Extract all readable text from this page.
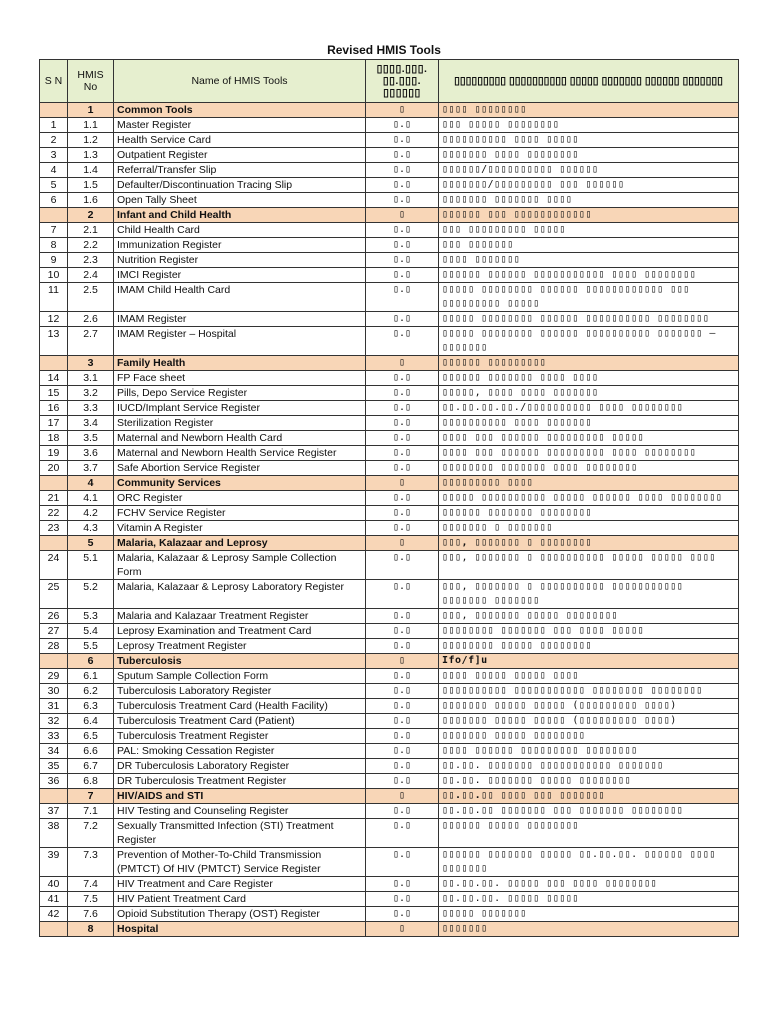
Revised HMIS Tools
S N	HMIS No	Name of HMIS Tools	▯▯▯▯.▯▯▯. ▯▯.▯▯▯. ▯▯▯▯▯▯	▯▯▯▯▯▯▯▯▯ ▯▯▯▯▯▯▯▯▯▯ ▯▯▯▯▯ ▯▯▯▯▯▯▯ ▯▯▯▯▯▯ ▯▯▯▯▯▯▯
	1	Common Tools	▯	▯▯▯▯ ▯▯▯▯▯▯▯▯
1	1.1	Master Register	▯.▯	▯▯▯ ▯▯▯▯▯ ▯▯▯▯▯▯▯▯
2	1.2	Health Service Card	▯.▯	▯▯▯▯▯▯▯▯▯▯ ▯▯▯▯ ▯▯▯▯▯
3	1.3	Outpatient Register	▯.▯	▯▯▯▯▯▯▯ ▯▯▯▯ ▯▯▯▯▯▯▯▯
4	1.4	Referral/Transfer Slip	▯.▯	▯▯▯▯▯▯/▯▯▯▯▯▯▯▯▯▯ ▯▯▯▯▯▯
5	1.5	Defaulter/Discontinuation Tracing Slip	▯.▯	▯▯▯▯▯▯▯/▯▯▯▯▯▯▯▯▯ ▯▯▯ ▯▯▯▯▯▯
6	1.6	Open Tally Sheet	▯.▯	▯▯▯▯▯▯▯ ▯▯▯▯▯▯▯ ▯▯▯▯
	2	Infant and Child Health	▯	▯▯▯▯▯▯ ▯▯▯ ▯▯▯▯▯▯▯▯▯▯▯▯
7	2.1	Child Health Card	▯.▯	▯▯▯ ▯▯▯▯▯▯▯▯▯ ▯▯▯▯▯
8	2.2	Immunization Register	▯.▯	▯▯▯ ▯▯▯▯▯▯▯
9	2.3	Nutrition Register	▯.▯	▯▯▯▯ ▯▯▯▯▯▯▯
10	2.4	IMCI Register	▯.▯	▯▯▯▯▯▯ ▯▯▯▯▯▯ ▯▯▯▯▯▯▯▯▯▯▯ ▯▯▯▯ ▯▯▯▯▯▯▯▯
11	2.5	IMAM Child Health Card	▯.▯	▯▯▯▯▯ ▯▯▯▯▯▯▯▯ ▯▯▯▯▯▯ ▯▯▯▯▯▯▯▯▯▯▯▯ ▯▯▯ ▯▯▯▯▯▯▯▯▯ ▯▯▯▯▯
12	2.6	IMAM Register	▯.▯	▯▯▯▯▯ ▯▯▯▯▯▯▯▯ ▯▯▯▯▯▯ ▯▯▯▯▯▯▯▯▯▯ ▯▯▯▯▯▯▯▯
13	2.7	IMAM Register – Hospital	▯.▯	▯▯▯▯▯ ▯▯▯▯▯▯▯▯ ▯▯▯▯▯▯ ▯▯▯▯▯▯▯▯▯▯ ▯▯▯▯▯▯▯ – ▯▯▯▯▯▯▯
	3	Family Health	▯	▯▯▯▯▯▯ ▯▯▯▯▯▯▯▯▯
14	3.1	FP Face sheet	▯.▯	▯▯▯▯▯▯ ▯▯▯▯▯▯▯ ▯▯▯▯ ▯▯▯▯
15	3.2	Pills, Depo Service Register	▯.▯	▯▯▯▯▯, ▯▯▯▯ ▯▯▯▯ ▯▯▯▯▯▯▯
16	3.3	IUCD/Implant Service Register	▯.▯	▯▯.▯▯.▯▯.▯▯./▯▯▯▯▯▯▯▯▯▯ ▯▯▯▯ ▯▯▯▯▯▯▯▯
17	3.4	Sterilization Register	▯.▯	▯▯▯▯▯▯▯▯▯▯ ▯▯▯▯ ▯▯▯▯▯▯▯
18	3.5	Maternal and Newborn Health Card	▯.▯	▯▯▯▯ ▯▯▯ ▯▯▯▯▯▯ ▯▯▯▯▯▯▯▯▯ ▯▯▯▯▯
19	3.6	Maternal and Newborn Health Service Register	▯.▯	▯▯▯▯ ▯▯▯ ▯▯▯▯▯▯ ▯▯▯▯▯▯▯▯▯ ▯▯▯▯ ▯▯▯▯▯▯▯▯
20	3.7	Safe Abortion Service Register	▯.▯	▯▯▯▯▯▯▯▯ ▯▯▯▯▯▯▯ ▯▯▯▯ ▯▯▯▯▯▯▯▯
	4	Community Services	▯	▯▯▯▯▯▯▯▯▯ ▯▯▯▯
21	4.1	ORC Register	▯.▯	▯▯▯▯▯ ▯▯▯▯▯▯▯▯▯▯ ▯▯▯▯▯ ▯▯▯▯▯▯ ▯▯▯▯ ▯▯▯▯▯▯▯▯
22	4.2	FCHV Service Register	▯.▯	▯▯▯▯▯▯ ▯▯▯▯▯▯▯ ▯▯▯▯▯▯▯▯
23	4.3	Vitamin A Register	▯.▯	▯▯▯▯▯▯▯ ▯ ▯▯▯▯▯▯▯
	5	Malaria, Kalazaar and Leprosy	▯	▯▯▯, ▯▯▯▯▯▯▯ ▯ ▯▯▯▯▯▯▯▯
24	5.1	Malaria, Kalazaar & Leprosy Sample Collection Form	▯.▯	▯▯▯, ▯▯▯▯▯▯▯ ▯ ▯▯▯▯▯▯▯▯▯▯ ▯▯▯▯▯ ▯▯▯▯▯ ▯▯▯▯
25	5.2	Malaria, Kalazaar & Leprosy Laboratory Register	▯.▯	▯▯▯, ▯▯▯▯▯▯▯ ▯ ▯▯▯▯▯▯▯▯▯▯ ▯▯▯▯▯▯▯▯▯▯▯ ▯▯▯▯▯▯▯ ▯▯▯▯▯▯▯
26	5.3	Malaria and Kalazaar Treatment Register	▯.▯	▯▯▯, ▯▯▯▯▯▯▯ ▯▯▯▯▯ ▯▯▯▯▯▯▯▯
27	5.4	Leprosy Examination and Treatment Card	▯.▯	▯▯▯▯▯▯▯▯ ▯▯▯▯▯▯▯ ▯▯▯ ▯▯▯▯ ▯▯▯▯▯
28	5.5	Leprosy Treatment Register	▯.▯	▯▯▯▯▯▯▯▯ ▯▯▯▯▯ ▯▯▯▯▯▯▯▯
	6	Tuberculosis	▯	Ifo/f]u
29	6.1	Sputum Sample Collection Form	▯.▯	▯▯▯▯ ▯▯▯▯▯ ▯▯▯▯▯ ▯▯▯▯
30	6.2	Tuberculosis Laboratory Register	▯.▯	▯▯▯▯▯▯▯▯▯▯ ▯▯▯▯▯▯▯▯▯▯▯ ▯▯▯▯▯▯▯▯ ▯▯▯▯▯▯▯▯
31	6.3	Tuberculosis Treatment Card (Health Facility)	▯.▯	▯▯▯▯▯▯▯ ▯▯▯▯▯ ▯▯▯▯▯ (▯▯▯▯▯▯▯▯▯ ▯▯▯▯)
32	6.4	Tuberculosis Treatment Card (Patient)	▯.▯	▯▯▯▯▯▯▯ ▯▯▯▯▯ ▯▯▯▯▯ (▯▯▯▯▯▯▯▯▯ ▯▯▯▯)
33	6.5	Tuberculosis Treatment Register	▯.▯	▯▯▯▯▯▯▯ ▯▯▯▯▯ ▯▯▯▯▯▯▯▯
34	6.6	PAL: Smoking Cessation Register	▯.▯	▯▯▯▯ ▯▯▯▯▯▯ ▯▯▯▯▯▯▯▯▯ ▯▯▯▯▯▯▯▯
35	6.7	DR Tuberculosis Laboratory Register	▯.▯	▯▯.▯▯. ▯▯▯▯▯▯▯ ▯▯▯▯▯▯▯▯▯▯▯ ▯▯▯▯▯▯▯
36	6.8	DR Tuberculosis Treatment Register	▯.▯	▯▯.▯▯. ▯▯▯▯▯▯▯ ▯▯▯▯▯ ▯▯▯▯▯▯▯▯
	7	HIV/AIDS and STI	▯	▯▯.▯▯.▯▯ ▯▯▯▯ ▯▯▯ ▯▯▯▯▯▯▯
37	7.1	HIV Testing and Counseling Register	▯.▯	▯▯.▯▯.▯▯ ▯▯▯▯▯▯▯ ▯▯▯ ▯▯▯▯▯▯▯ ▯▯▯▯▯▯▯▯
38	7.2	Sexually Transmitted Infection (STI) Treatment Register	▯.▯	▯▯▯▯▯▯ ▯▯▯▯▯ ▯▯▯▯▯▯▯▯
39	7.3	Prevention of Mother-To-Child Transmission (PMTCT) Of HIV (PMTCT) Service Register	▯.▯	▯▯▯▯▯▯ ▯▯▯▯▯▯▯ ▯▯▯▯▯ ▯▯.▯▯.▯▯. ▯▯▯▯▯▯ ▯▯▯▯ ▯▯▯▯▯▯▯
40	7.4	HIV Treatment and Care Register	▯.▯	▯▯.▯▯.▯▯. ▯▯▯▯▯ ▯▯▯ ▯▯▯▯ ▯▯▯▯▯▯▯▯
41	7.5	HIV Patient Treatment Card	▯.▯	▯▯.▯▯.▯▯. ▯▯▯▯▯ ▯▯▯▯▯
42	7.6	Opioid Substitution Therapy (OST) Register	▯.▯	▯▯▯▯▯ ▯▯▯▯▯▯▯
	8	Hospital	▯	▯▯▯▯▯▯▯
